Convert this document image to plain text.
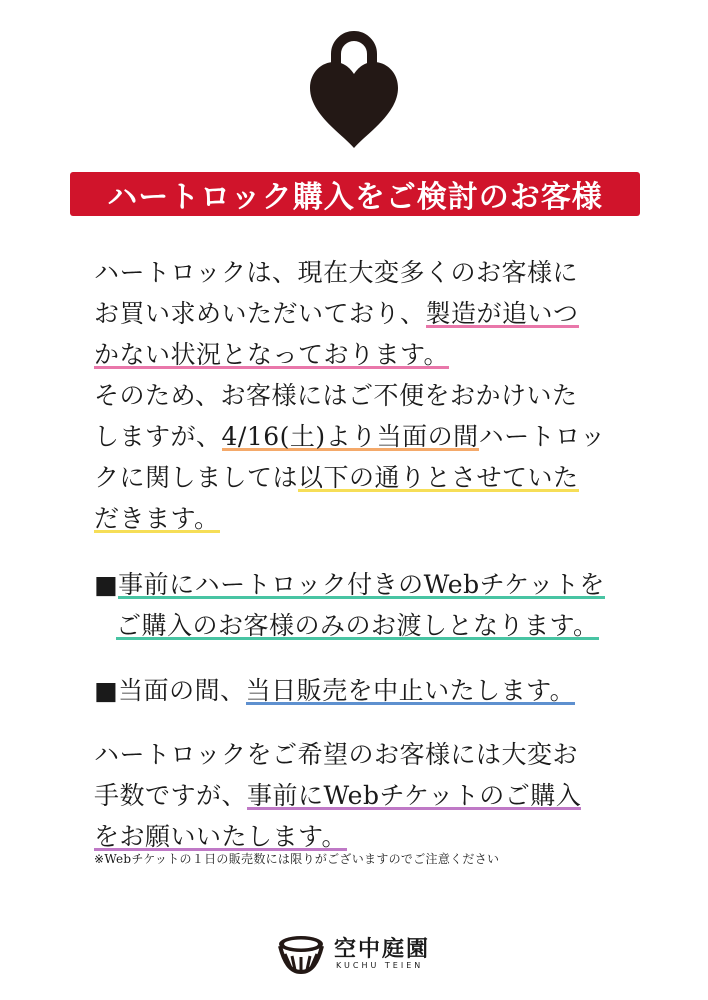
ハートロック購入をご検討のお客様
ハートロックは、現在大変多くのお客様に
お買い求めいただいており、製造が追いつ
かない状況となっております。
そのため、お客様にはご不便をおかけいた
しますが、4/16(土)より当面の間ハートロッ
クに関しましては以下の通りとさせていた
だきます。
■事前にハートロック付きのWebチケットを
ご購入のお客様のみのお渡しとなります。
■当面の間、当日販売を中止いたします。
ハートロックをご希望のお客様には大変お
手数ですが、事前にWebチケットのご購入
をお願いいたします。
※Webチケットの１日の販売数には限りがございますのでご注意ください
空中庭園
KUCHU TEIEN
